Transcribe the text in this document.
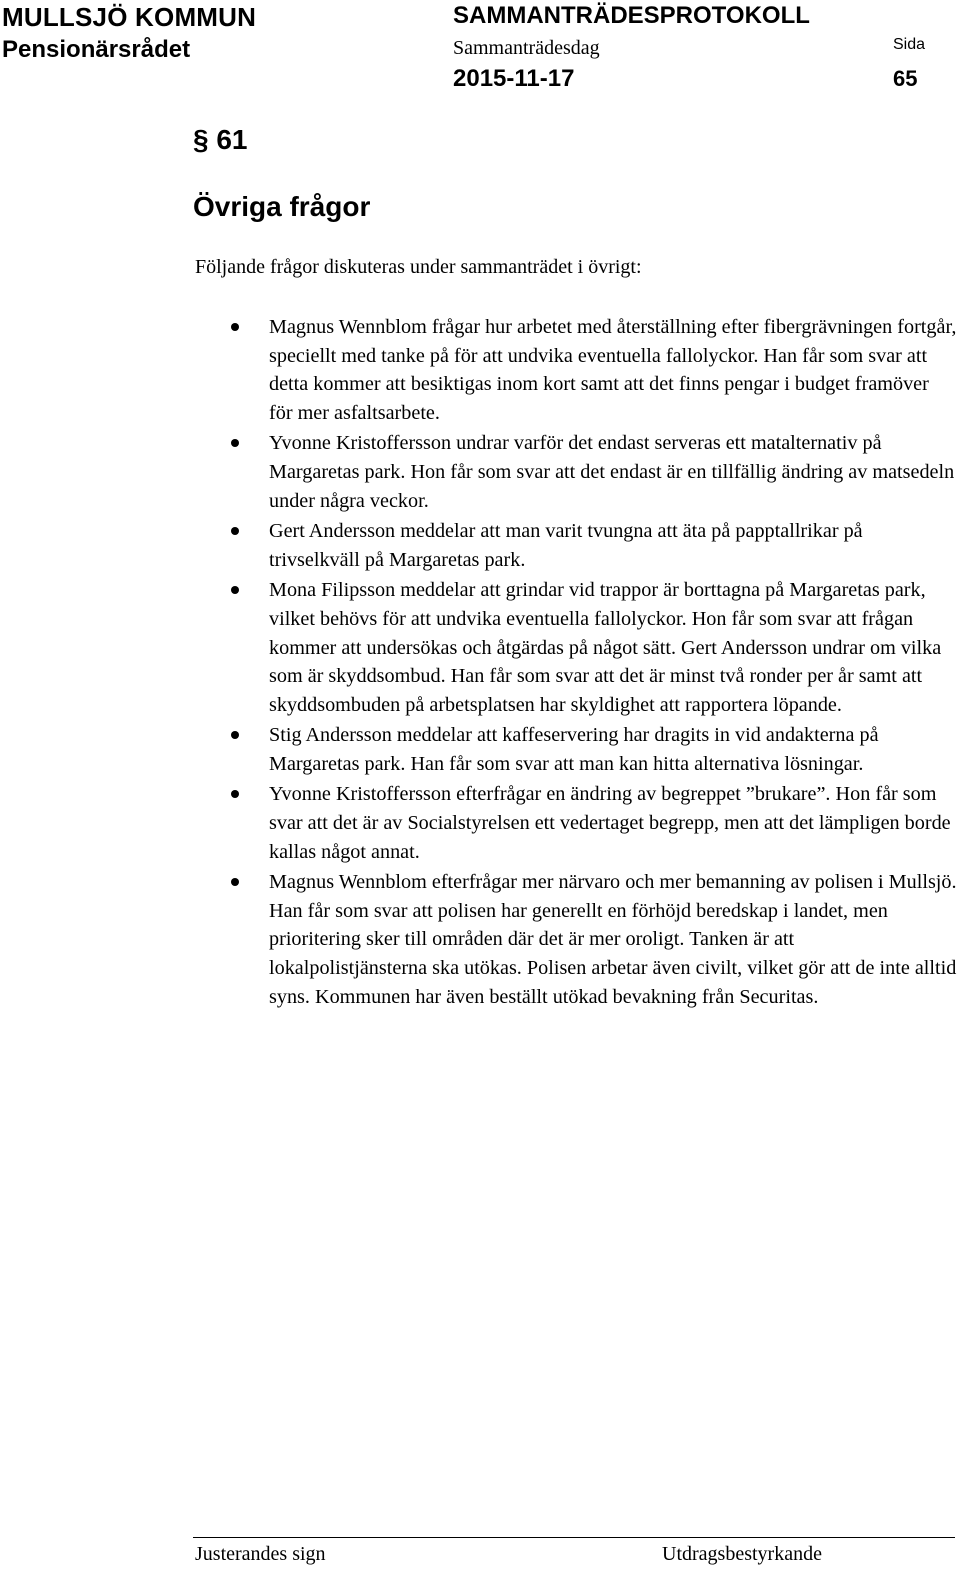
MULLSJÖ KOMMUN
Pensionärsrådet
SAMMANTRÄDESPROTOKOLL
Sammanträdesdag
2015-11-17
Sida
65
§ 61
Övriga frågor
Följande frågor diskuteras under sammanträdet i övrigt:
Magnus Wennblom frågar hur arbetet med återställning efter fibergrävningen fortgår, speciellt med tanke på för att undvika eventuella fallolyckor. Han får som svar att detta kommer att besiktigas inom kort samt att det finns pengar i budget framöver för mer asfaltsarbete.
Yvonne Kristoffersson undrar varför det endast serveras ett matalternativ på Margaretas park. Hon får som svar att det endast är en tillfällig ändring av matsedeln under några veckor.
Gert Andersson meddelar att man varit tvungna att äta på papptallrikar på trivselkväll på Margaretas park.
Mona Filipsson meddelar att grindar vid trappor är borttagna på Margaretas park, vilket behövs för att undvika eventuella fallolyckor. Hon får som svar att frågan kommer att undersökas och åtgärdas på något sätt. Gert Andersson undrar om vilka som är skyddsombud. Han får som svar att det är minst två ronder per år samt att skyddsombuden på arbetsplatsen har skyldighet att rapportera löpande.
Stig Andersson meddelar att kaffeservering har dragits in vid andakterna på Margaretas park. Han får som svar att man kan hitta alternativa lösningar.
Yvonne Kristoffersson efterfrågar en ändring av begreppet ”brukare”. Hon får som svar att det är av Socialstyrelsen ett vedertaget begrepp, men att det lämpligen borde kallas något annat.
Magnus Wennblom efterfrågar mer närvaro och mer bemanning av polisen i Mullsjö. Han får som svar att polisen har generellt en förhöjd beredskap i landet, men prioritering sker till områden där det är mer oroligt. Tanken är att lokalpolistjänsterna ska utökas. Polisen arbetar även civilt, vilket gör att de inte alltid syns. Kommunen har även beställt utökad bevakning från Securitas.
Justerandes sign	Utdragsbestyrkande
